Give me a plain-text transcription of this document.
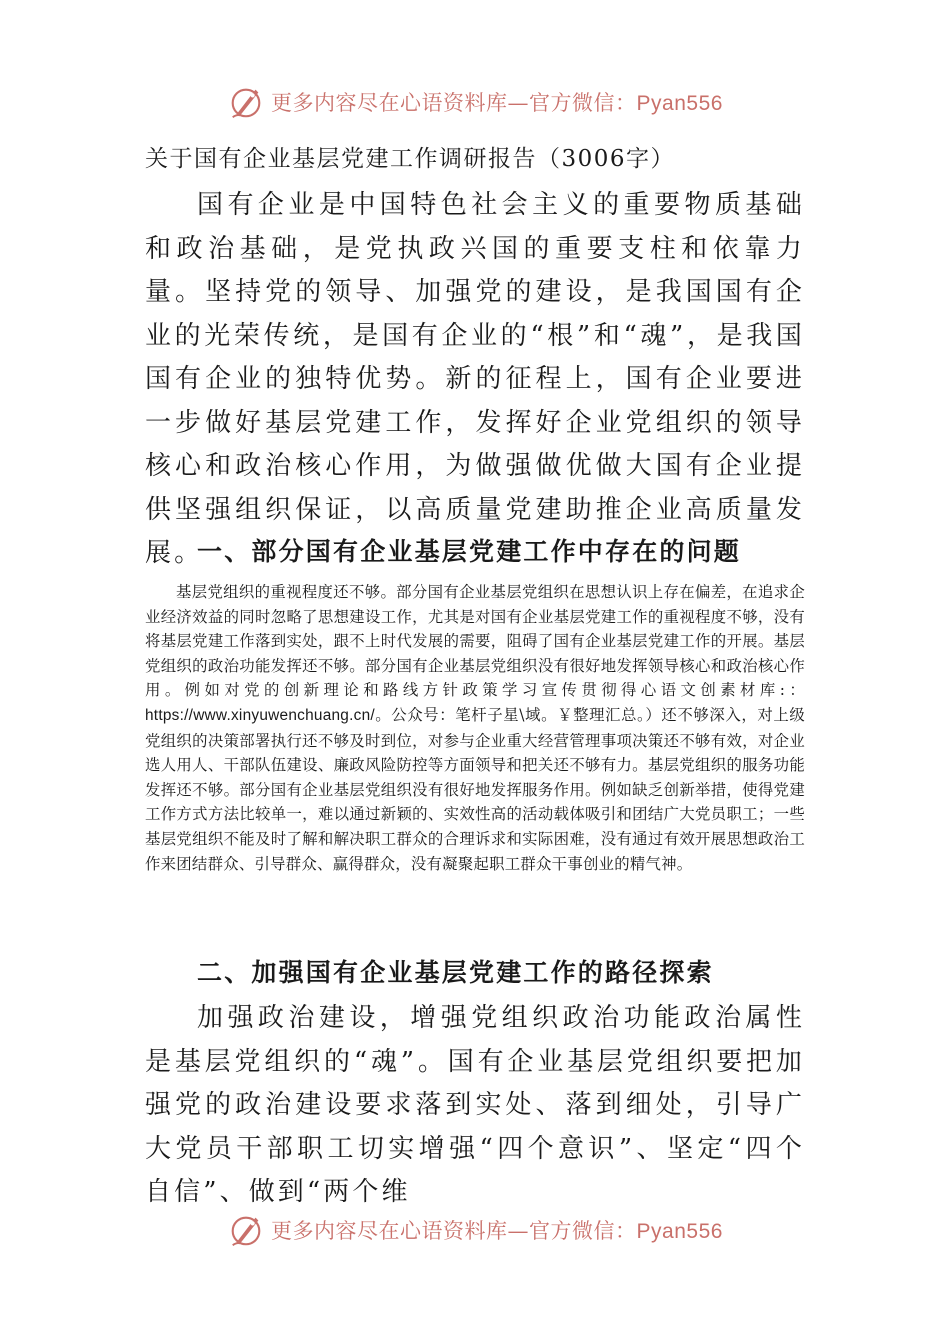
更多内容尽在心语资料库—官方微信：Pyan556
关于国有企业基层党建工作调研报告（3006字）

国有企业是中国特色社会主义的重要物质基础和政治基础，是党执政兴国的重要支柱和依靠力量。坚持党的领导、加强党的建设，是我国国有企业的光荣传统，是国有企业的“根”和“魂”，是我国国有企业的独特优势。新的征程上，国有企业要进一步做好基层党建工作，发挥好企业党组织的领导核心和政治核心作用，为做强做优做大国有企业提供坚强组织保证，以高质量党建助推企业高质量发展。

一、部分国有企业基层党建工作中存在的问题

基层党组织的重视程度还不够。部分国有企业基层党组织在思想认识上存在偏差，在追求企业经济效益的同时忽略了思想建设工作，尤其是对国有企业基层党建工作的重视程度不够，没有将基层党建工作落到实处，跟不上时代发展的需要，阻碍了国有企业基层党建工作的开展。基层党组织的政治功能发挥还不够。部分国有企业基层党组织没有很好地发挥领导核心和政治核心作用。例如对党的创新理论和路线方针政策学习宣传贯彻得心语文创素材库:：https://www.xinyuwenchuang.cn/。公众号：笔杆子星\域。￥整理汇总。）还不够深入，对上级党组织的决策部署执行还不够及时到位，对参与企业重大经营管理事项决策还不够有效，对企业选人用人、干部队伍建设、廉政风险防控等方面领导和把关还不够有力。基层党组织的服务功能发挥还不够。部分国有企业基层党组织没有很好地发挥服务作用。例如缺乏创新举措，使得党建工作方式方法比较单一，难以通过新颖的、实效性高的活动载体吸引和团结广大党员职工；一些基层党组织不能及时了解和解决职工群众的合理诉求和实际困难，没有通过有效开展思想政治工作来团结群众、引导群众、赢得群众，没有凝聚起职工群众干事创业的精气神。

二、加强国有企业基层党建工作的路径探索

加强政治建设，增强党组织政治功能政治属性是基层党组织的“魂”。国有企业基层党组织要把加强党的政治建设要求落到实处、落到细处，引导广大党员干部职工切实增强“四个意识”、坚定“四个自信”、做到“两个维

更多内容尽在心语资料库—官方微信：Pyan556
